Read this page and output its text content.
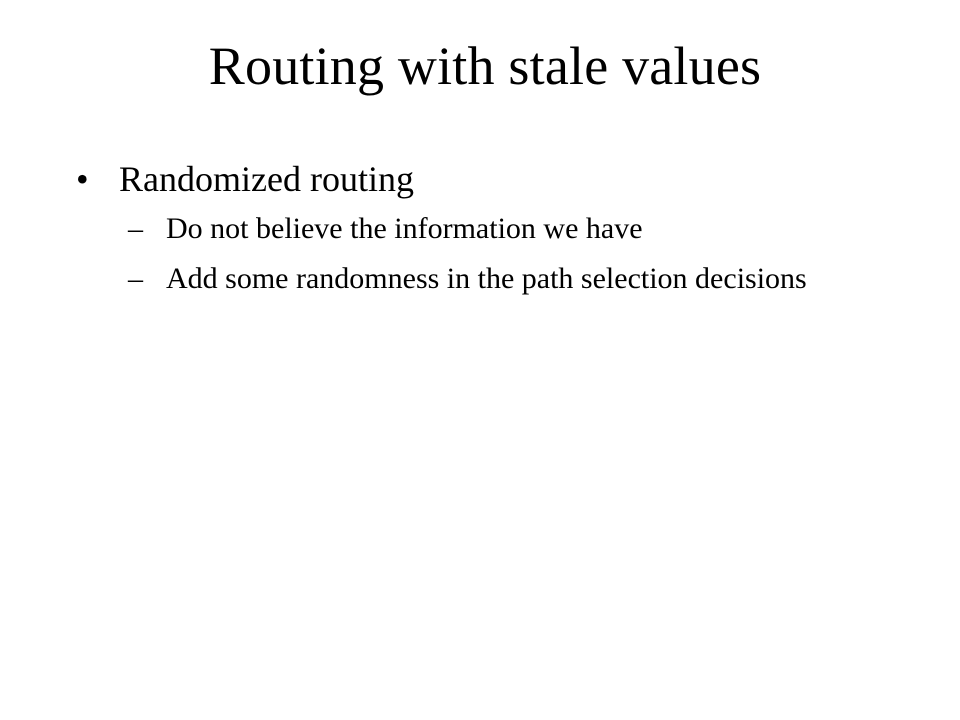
Routing with stale values
• Randomized routing
– Do not believe the information we have
– Add some randomness in the path selection decisions
